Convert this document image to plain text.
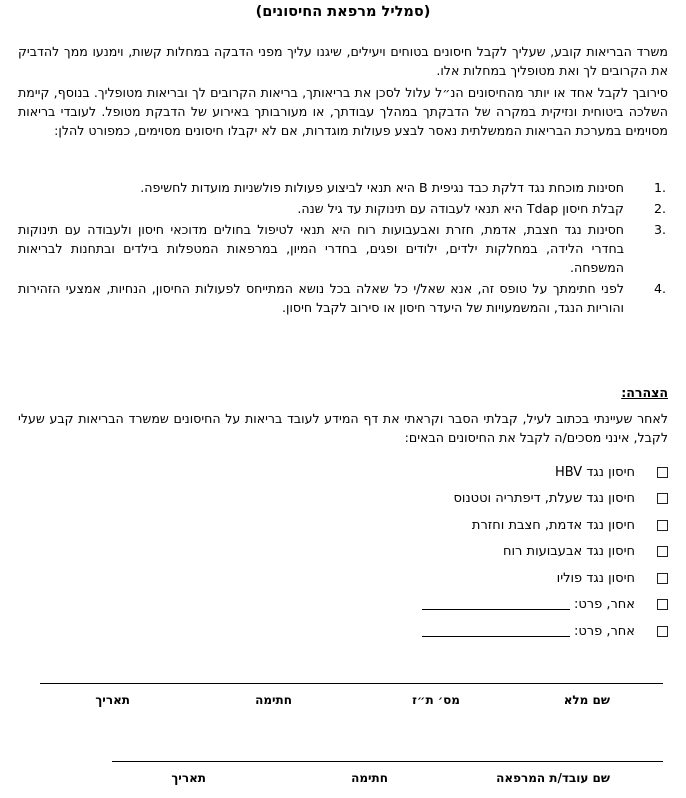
(סמליל מרפאת החיסונים)

משרד הבריאות קובע, שעליך לקבל חיסונים בטוחים ויעילים, שיגנו עליך מפני הדבקה במחלות קשות, וימנעו ממך להדביק את הקרובים לך ואת מטופליך במחלות אלו.

סירובך לקבל אחד או יותר מהחיסונים הנ״ל עלול לסכן את בריאותך, בריאות הקרובים לך ובריאות מטופליך. בנוסף, קיימת השלכה ביטוחית ונזיקית במקרה של הדבקתך במהלך עבודתך, או מעורבותך באירוע של הדבקת מטופל. לעובדי בריאות מסוימים במערכת הבריאות הממשלתית נאסר לבצע פעולות מוגדרות, אם לא יקבלו חיסונים מסוימים, כמפורט להלן:

.1
חסינות מוכחת נגד דלקת כבד נגיפית B היא תנאי לביצוע פעולות פולשניות מועדות לחשיפה.
.2
קבלת חיסון Tdap היא תנאי לעבודה עם תינוקות עד גיל שנה.
.3
חסינות נגד חצבת, אדמת, חזרת ואבעבועות רוח היא תנאי לטיפול בחולים מדוכאי חיסון ולעבודה עם תינוקות בחדרי הלידה, במחלקות ילדים, ילודים ופגים, בחדרי המיון, במרפאות המטפלות בילדים ובתחנות לבריאות המשפחה.
.4
לפני חתימתך על טופס זה, אנא שאל/י כל שאלה בכל נושא המתייחס לפעולות החיסון, הנחיות, אמצעי הזהירות והוריות הנגד, והמשמעויות של היעדר חיסון או סירוב לקבל חיסון.
הצהרה:

לאחר שעיינתי בכתוב לעיל, קבלתי הסבר וקראתי את דף המידע לעובד בריאות על החיסונים שמשרד הבריאות קבע שעלי לקבל, אינני מסכים/ה לקבל את החיסונים הבאים:

חיסון נגד HBV
חיסון נגד שעלת, דיפתריה וטטנוס
חיסון נגד אדמת, חצבת וחזרת
חיסון נגד אבעבועות רוח
חיסון נגד פוליו
אחר, פרט:
אחר, פרט:
שם מלא
מס׳ ת״ז
חתימה
תאריך
שם עובד/ת המרפאה
חתימה
תאריך
